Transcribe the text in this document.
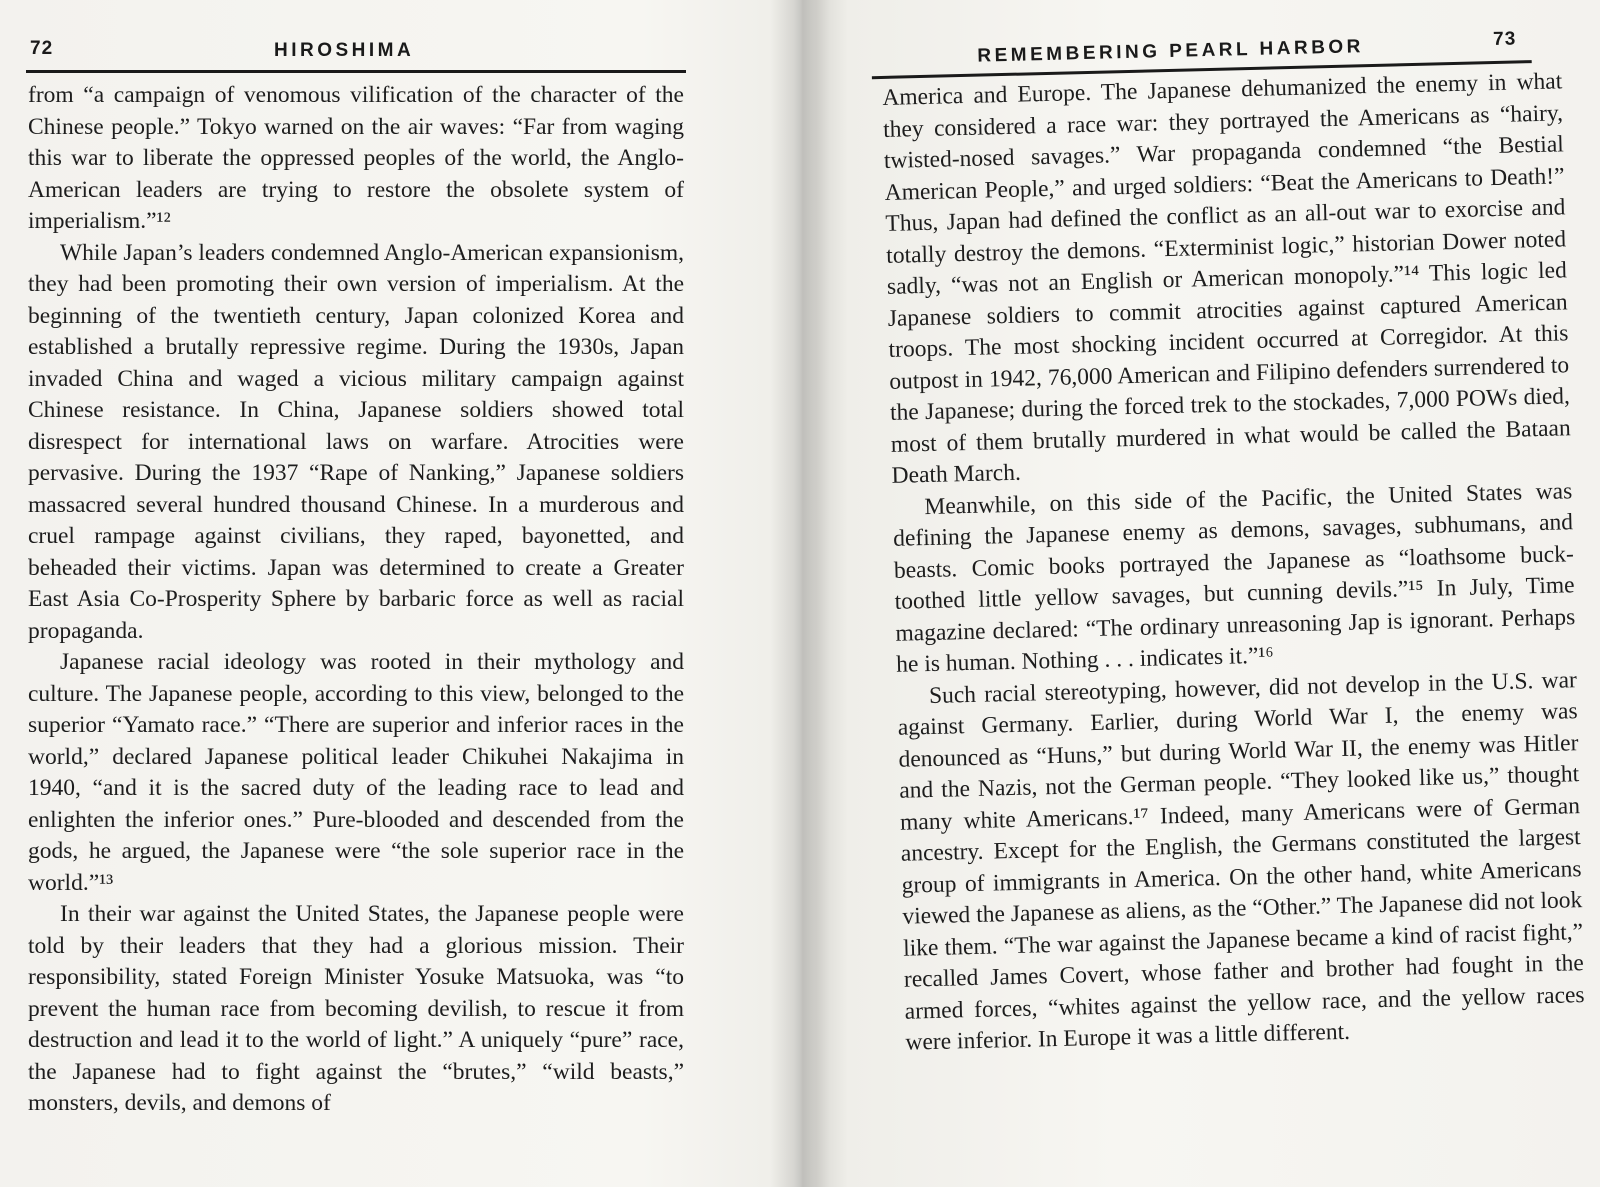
72	HIROSHIMA

from “a campaign of venomous vilification of the character of the Chinese people.” Tokyo warned on the air waves: “Far from waging this war to liberate the oppressed peoples of the world, the Anglo-American leaders are trying to restore the obsolete system of imperialism.”¹²

While Japan’s leaders condemned Anglo-American expansionism, they had been promoting their own version of imperialism. At the beginning of the twentieth century, Japan colonized Korea and established a brutally repressive regime. During the 1930s, Japan invaded China and waged a vicious military campaign against Chinese resistance. In China, Japanese soldiers showed total disrespect for international laws on warfare. Atrocities were pervasive. During the 1937 “Rape of Nanking,” Japanese soldiers massacred several hundred thousand Chinese. In a murderous and cruel rampage against civilians, they raped, bayonetted, and beheaded their victims. Japan was determined to create a Greater East Asia Co-Prosperity Sphere by barbaric force as well as racial propaganda.

Japanese racial ideology was rooted in their mythology and culture. The Japanese people, according to this view, belonged to the superior “Yamato race.” “There are superior and inferior races in the world,” declared Japanese political leader Chikuhei Nakajima in 1940, “and it is the sacred duty of the leading race to lead and enlighten the inferior ones.” Pure-blooded and descended from the gods, he argued, the Japanese were “the sole superior race in the world.”¹³

In their war against the United States, the Japanese people were told by their leaders that they had a glorious mission. Their responsibility, stated Foreign Minister Yosuke Matsuoka, was “to prevent the human race from becoming devilish, to rescue it from destruction and lead it to the world of light.” A uniquely “pure” race, the Japanese had to fight against the “brutes,” “wild beasts,” monsters, devils, and demons of

REMEMBERING PEARL HARBOR	73

America and Europe. The Japanese dehumanized the enemy in what they considered a race war: they portrayed the Americans as “hairy, twisted-nosed savages.” War propaganda condemned “the Bestial American People,” and urged soldiers: “Beat the Americans to Death!” Thus, Japan had defined the conflict as an all-out war to exorcise and totally destroy the demons. “Exterminist logic,” historian Dower noted sadly, “was not an English or American monopoly.”¹⁴ This logic led Japanese soldiers to commit atrocities against captured American troops. The most shocking incident occurred at Corregidor. At this outpost in 1942, 76,000 American and Filipino defenders surrendered to the Japanese; during the forced trek to the stockades, 7,000 POWs died, most of them brutally murdered in what would be called the Bataan Death March.

Meanwhile, on this side of the Pacific, the United States was defining the Japanese enemy as demons, savages, subhumans, and beasts. Comic books portrayed the Japanese as “loathsome buck-toothed little yellow savages, but cunning devils.”¹⁵ In July, Time magazine declared: “The ordinary unreasoning Jap is ignorant. Perhaps he is human. Nothing . . . indicates it.”¹⁶

Such racial stereotyping, however, did not develop in the U.S. war against Germany. Earlier, during World War I, the enemy was denounced as “Huns,” but during World War II, the enemy was Hitler and the Nazis, not the German people. “They looked like us,” thought many white Americans.¹⁷ Indeed, many Americans were of German ancestry. Except for the English, the Germans constituted the largest group of immigrants in America. On the other hand, white Americans viewed the Japanese as aliens, as the “Other.” The Japanese did not look like them. “The war against the Japanese became a kind of racist fight,” recalled James Covert, whose father and brother had fought in the armed forces, “whites against the yellow race, and the yellow races were inferior. In Europe it was a little different.
